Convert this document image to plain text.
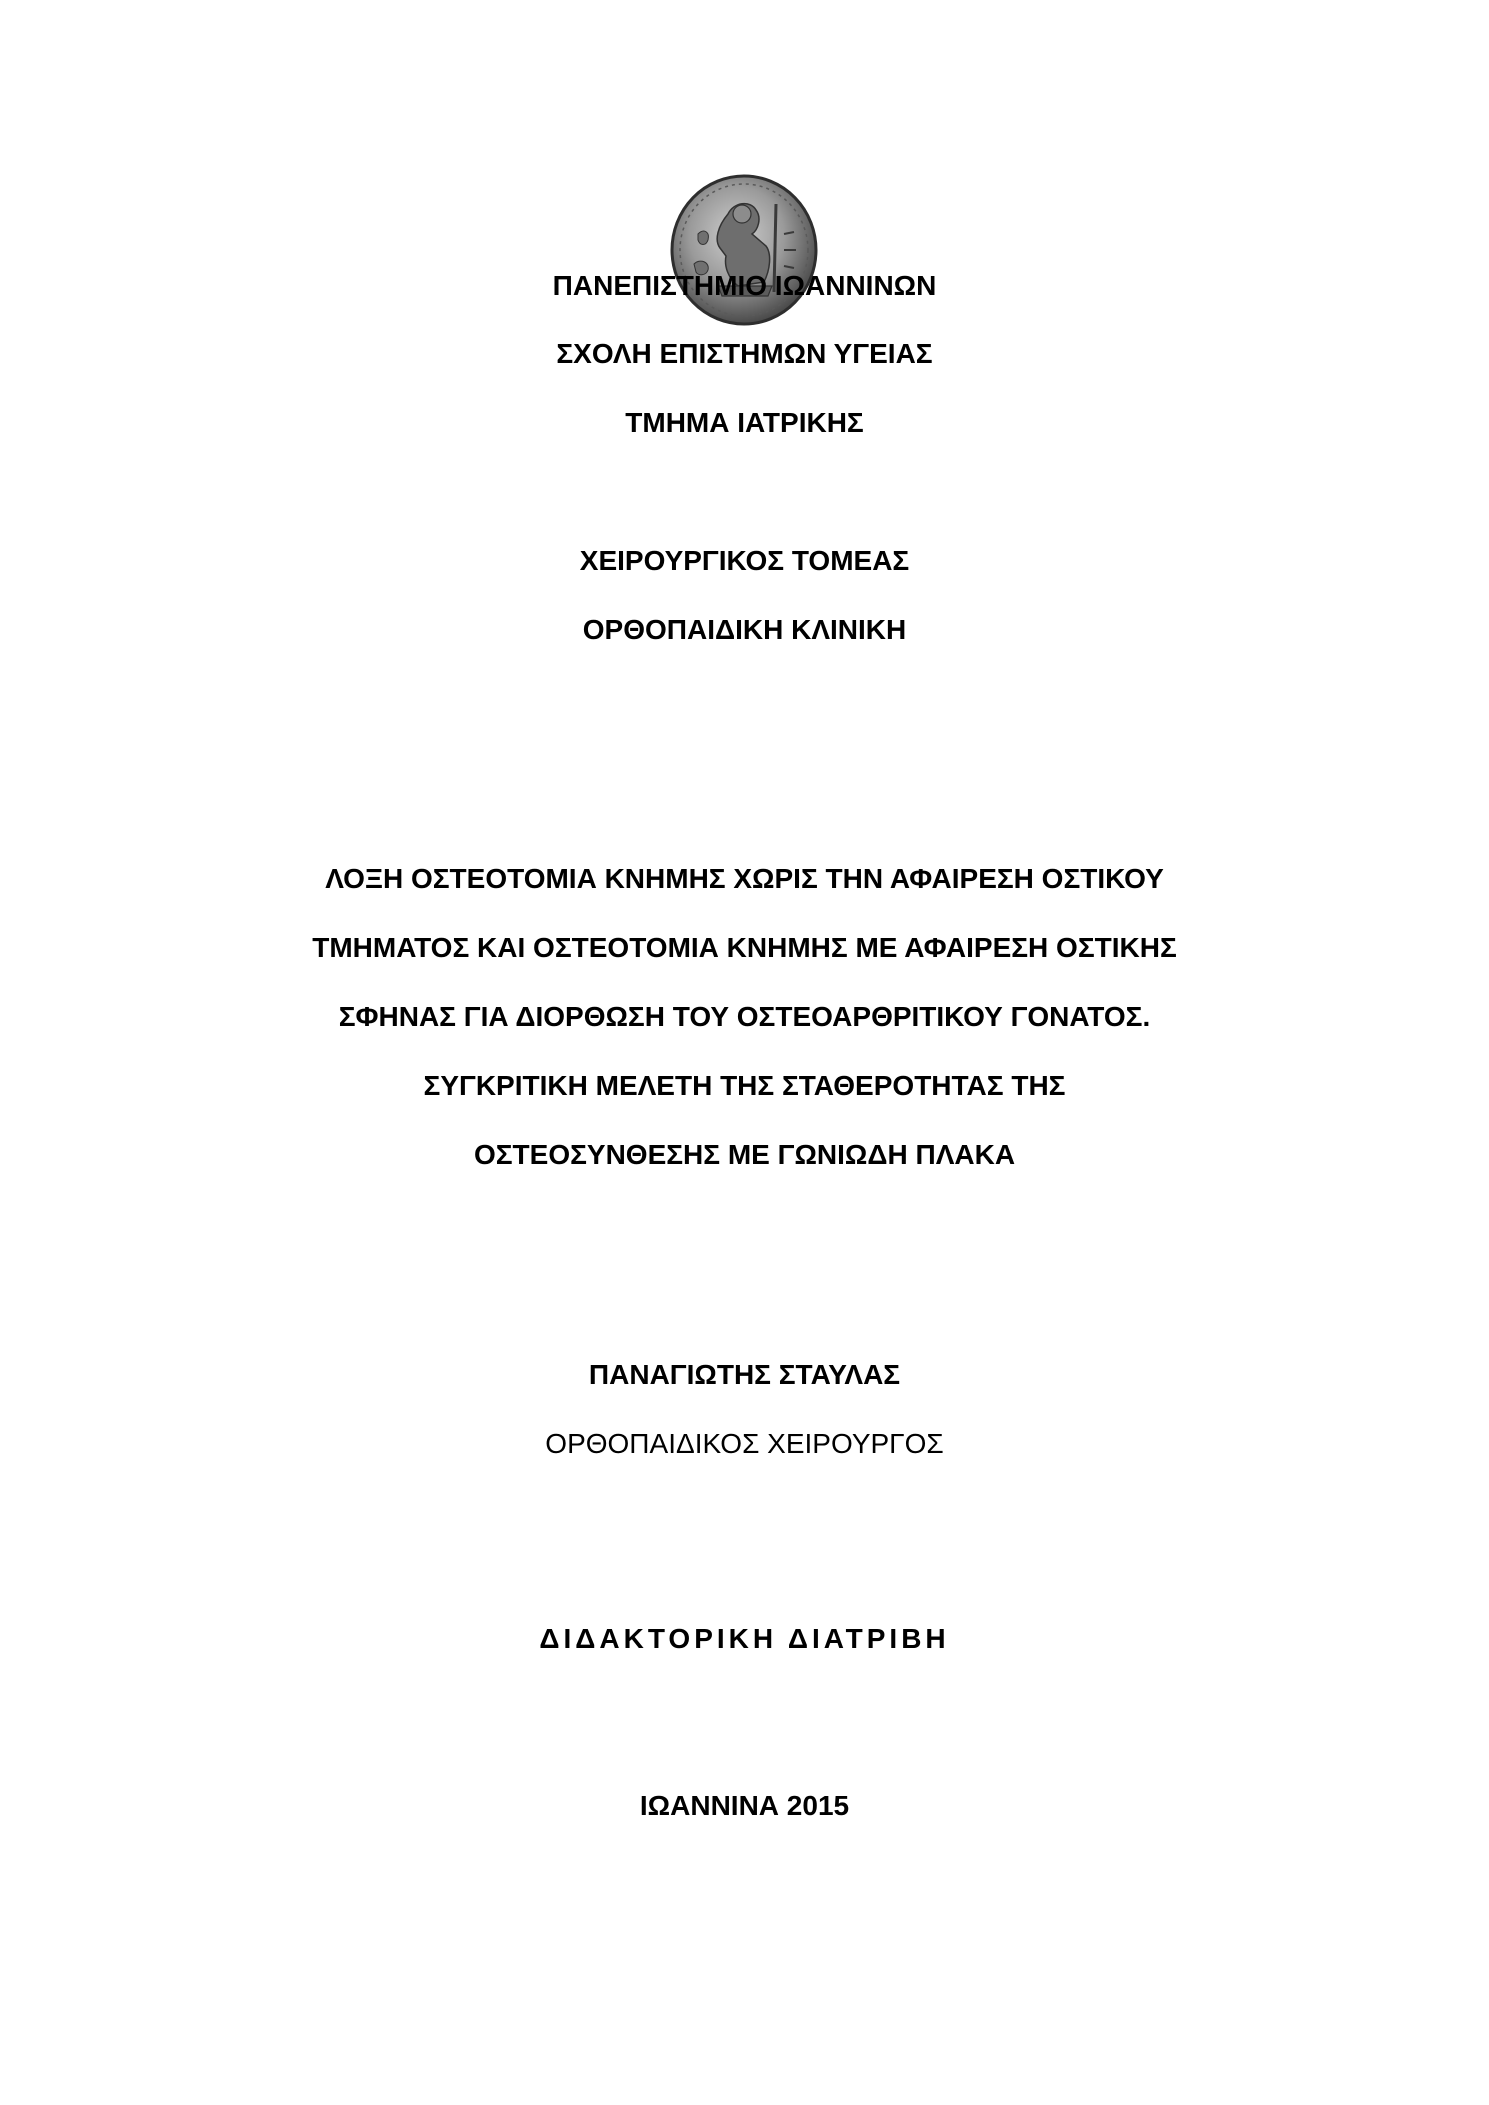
ΠΑΝΕΠΙΣΤΗΜΙΟ ΙΩΑΝΝΙΝΩΝ
ΣΧΟΛΗ ΕΠΙΣΤΗΜΩΝ ΥΓΕΙΑΣ
ΤΜΗΜΑ ΙΑΤΡΙΚΗΣ
ΧΕΙΡΟΥΡΓΙΚΟΣ ΤΟΜΕΑΣ
ΟΡΘΟΠΑΙΔΙΚΗ ΚΛΙΝΙΚΗ
ΛΟΞΗ ΟΣΤΕΟΤΟΜΙΑ ΚΝΗΜΗΣ ΧΩΡΙΣ ΤΗΝ ΑΦΑΙΡΕΣΗ ΟΣΤΙΚΟΥ
ΤΜΗΜΑΤΟΣ ΚΑΙ ΟΣΤΕΟΤΟΜΙΑ ΚΝΗΜΗΣ ΜΕ ΑΦΑΙΡΕΣΗ ΟΣΤΙΚΗΣ
ΣΦΗΝΑΣ ΓΙΑ ΔΙΟΡΘΩΣΗ ΤΟΥ ΟΣΤΕΟΑΡΘΡΙΤΙΚΟΥ ΓΟΝΑΤΟΣ.
ΣΥΓΚΡΙΤΙΚΗ ΜΕΛΕΤΗ ΤΗΣ ΣΤΑΘΕΡΟΤΗΤΑΣ ΤΗΣ
ΟΣΤΕΟΣΥΝΘΕΣΗΣ ΜΕ ΓΩΝΙΩΔΗ ΠΛΑΚΑ
ΠΑΝΑΓΙΩΤΗΣ ΣΤΑΥΛΑΣ
ΟΡΘΟΠΑΙΔΙΚΟΣ ΧΕΙΡΟΥΡΓΟΣ
ΔΙΔΑΚΤΟΡΙΚΗ ΔΙΑΤΡΙΒΗ
ΙΩΑΝΝΙΝΑ 2015
